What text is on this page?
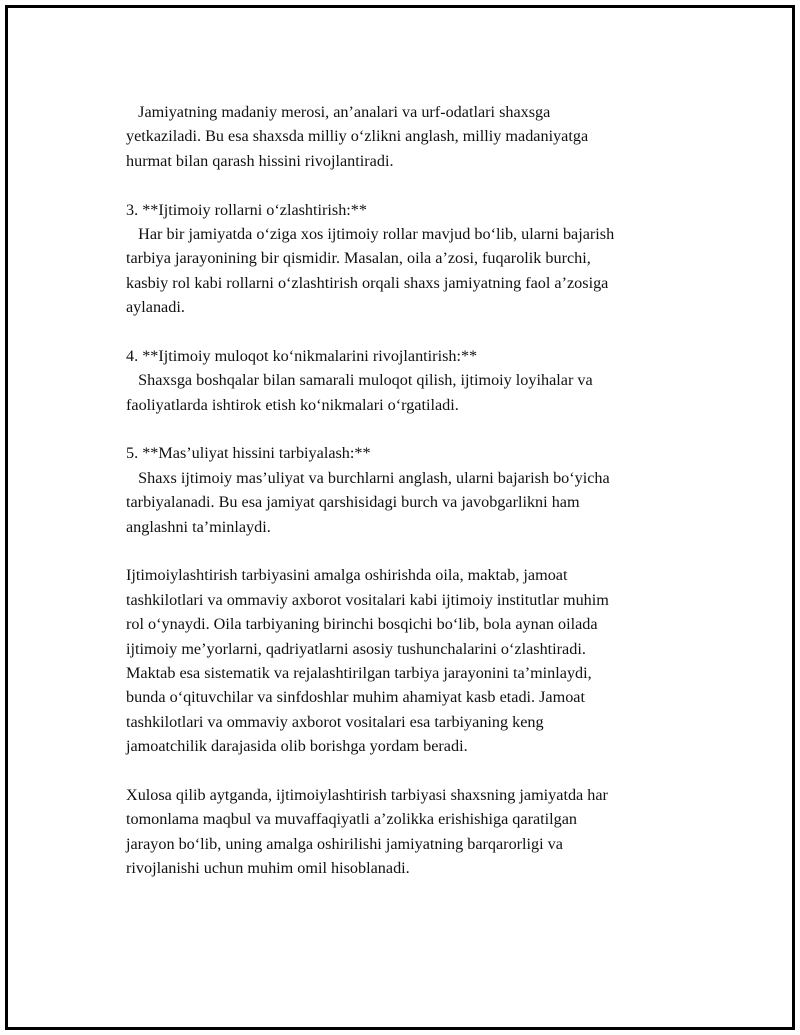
Jamiyatning madaniy merosi, an’analari va urf-odatlari shaxsga
yetkaziladi. Bu esa shaxsda milliy o‘zlikni anglash, milliy madaniyatga
hurmat bilan qarash hissini rivojlantiradi.
3. **Ijtimoiy rollarni o‘zlashtirish:**
Har bir jamiyatda o‘ziga xos ijtimoiy rollar mavjud bo‘lib, ularni bajarish
tarbiya jarayonining bir qismidir. Masalan, oila a’zosi, fuqarolik burchi,
kasbiy rol kabi rollarni o‘zlashtirish orqali shaxs jamiyatning faol a’zosiga
aylanadi.
4. **Ijtimoiy muloqot ko‘nikmalarini rivojlantirish:**
Shaxsga boshqalar bilan samarali muloqot qilish, ijtimoiy loyihalar va
faoliyatlarda ishtirok etish ko‘nikmalari o‘rgatiladi.
5. **Mas’uliyat hissini tarbiyalash:**
Shaxs ijtimoiy mas’uliyat va burchlarni anglash, ularni bajarish bo‘yicha
tarbiyalanadi. Bu esa jamiyat qarshisidagi burch va javobgarlikni ham
anglashni ta’minlaydi.
Ijtimoiylashtirish tarbiyasini amalga oshirishda oila, maktab, jamoat
tashkilotlari va ommaviy axborot vositalari kabi ijtimoiy institutlar muhim
rol o‘ynaydi. Oila tarbiyaning birinchi bosqichi bo‘lib, bola aynan oilada
ijtimoiy me’yorlarni, qadriyatlarni asosiy tushunchalarini o‘zlashtiradi.
Maktab esa sistematik va rejalashtirilgan tarbiya jarayonini ta’minlaydi,
bunda o‘qituvchilar va sinfdoshlar muhim ahamiyat kasb etadi. Jamoat
tashkilotlari va ommaviy axborot vositalari esa tarbiyaning keng
jamoatchilik darajasida olib borishga yordam beradi.
Xulosa qilib aytganda, ijtimoiylashtirish tarbiyasi shaxsning jamiyatda har
tomonlama maqbul va muvaffaqiyatli a’zolikka erishishiga qaratilgan
jarayon bo‘lib, uning amalga oshirilishi jamiyatning barqarorligi va
rivojlanishi uchun muhim omil hisoblanadi.
